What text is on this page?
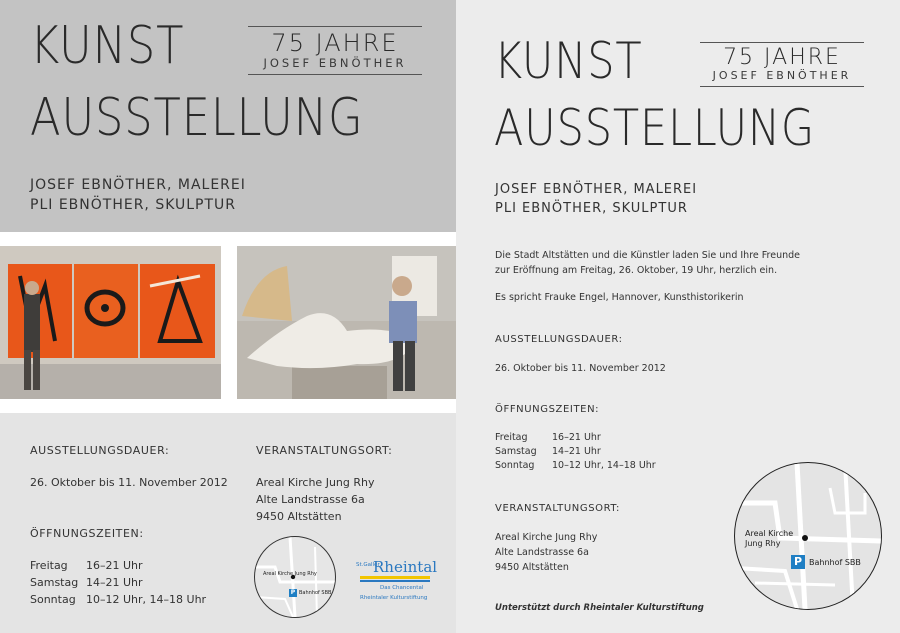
KUNST
AUSSTELLUNG
75 JAHRE
JOSEF EBNÖTHER
JOSEF EBNÖTHER, MALEREI
PLI EBNÖTHER, SKULPTUR
AUSSTELLUNGSDAUER:
26. Oktober bis 11. November 2012
ÖFFNUNGSZEITEN:
Freitag	16–21 Uhr
Samstag 14–21 Uhr
Sonntag 10–12 Uhr, 14–18 Uhr
VERANSTALTUNGSORT:
Areal Kirche Jung Rhy
Alte Landstrasse 6a
9450 Altstätten
Areal Kirche Jung Rhy
P Bahnhof SBB
St.Galler
Rheintal
Das Chancental
Rheintaler Kulturstiftung
KUNST
AUSSTELLUNG
75 JAHRE
JOSEF EBNÖTHER
JOSEF EBNÖTHER, MALEREI
PLI EBNÖTHER, SKULPTUR
Die Stadt Altstätten und die Künstler laden Sie und Ihre Freunde
zur Eröffnung am Freitag, 26. Oktober, 19 Uhr, herzlich ein.
Es spricht Frauke Engel, Hannover, Kunsthistorikerin
AUSSTELLUNGSDAUER:
26. Oktober bis 11. November 2012
ÖFFNUNGSZEITEN:
Freitag	16–21 Uhr
Samstag	14–21 Uhr
Sonntag	10–12 Uhr, 14–18 Uhr
VERANSTALTUNGSORT:
Areal Kirche Jung Rhy
Alte Landstrasse 6a
9450 Altstätten
Unterstützt durch Rheintaler Kulturstiftung
Areal Kirche
Jung Rhy
P Bahnhof SBB
